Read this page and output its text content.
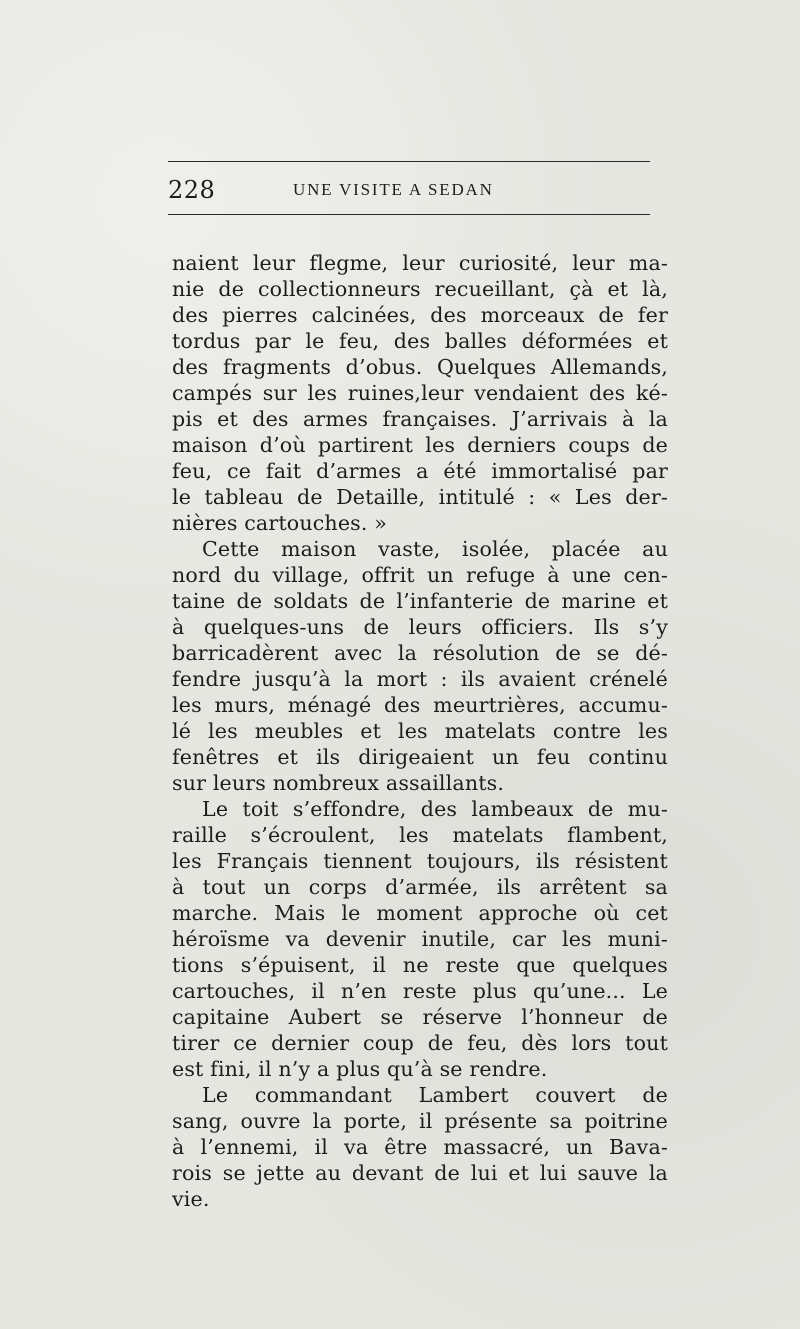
228	UNE VISITE A SEDAN
naient leur flegme, leur curiosité, leur ma-
nie de collectionneurs recueillant, çà et là,
des pierres calcinées, des morceaux de fer
tordus par le feu, des balles déformées et
des fragments d’obus. Quelques Allemands,
campés sur les ruines,leur vendaient des ké-
pis et des armes françaises. J’arrivais à la
maison d’où partirent les derniers coups de
feu, ce fait d’armes a été immortalisé par
le tableau de Detaille, intitulé : « Les der-
nières cartouches. »
Cette maison vaste, isolée, placée au
nord du village, offrit un refuge à une cen-
taine de soldats de l’infanterie de marine et
à quelques-uns de leurs officiers. Ils s’y
barricadèrent avec la résolution de se dé-
fendre jusqu’à la mort : ils avaient crénelé
les murs, ménagé des meurtrières, accumu-
lé les meubles et les matelats contre les
fenêtres et ils dirigeaient un feu continu
sur leurs nombreux assaillants.
Le toit s’effondre, des lambeaux de mu-
raille s’écroulent, les matelats flambent,
les Français tiennent toujours, ils résistent
à tout un corps d’armée, ils arrêtent sa
marche. Mais le moment approche où cet
héroïsme va devenir inutile, car les muni-
tions s’épuisent, il ne reste que quelques
cartouches, il n’en reste plus qu’une... Le
capitaine Aubert se réserve l’honneur de
tirer ce dernier coup de feu, dès lors tout
est fini, il n’y a plus qu’à se rendre.
Le commandant Lambert couvert de
sang, ouvre la porte, il présente sa poitrine
à l’ennemi, il va être massacré, un Bava-
rois se jette au devant de lui et lui sauve la
vie.
